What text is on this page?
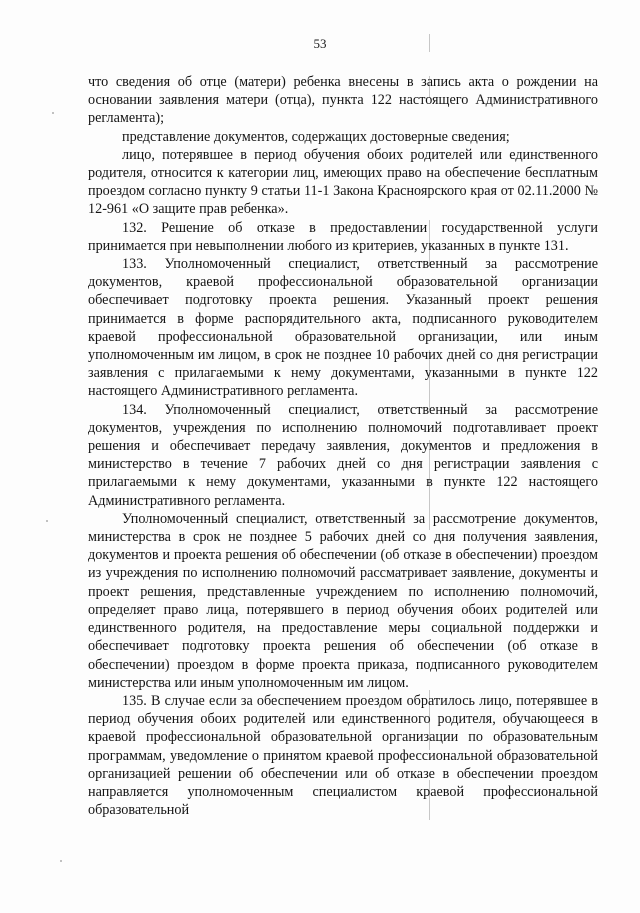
53

что сведения об отце (матери) ребенка внесены в запись акта о рождении на основании заявления матери (отца), пункта 122 настоящего Административного регламента);

представление документов, содержащих достоверные сведения;

лицо, потерявшее в период обучения обоих родителей или единственного родителя, относится к категории лиц, имеющих право на обеспечение бесплатным проездом согласно пункту 9 статьи 11-1 Закона Красноярского края от 02.11.2000 № 12-961 «О защите прав ребенка».

132. Решение об отказе в предоставлении государственной услуги принимается при невыполнении любого из критериев, указанных в пункте 131.

133. Уполномоченный специалист, ответственный за рассмотрение документов, краевой профессиональной образовательной организации обеспечивает подготовку проекта решения. Указанный проект решения принимается в форме распорядительного акта, подписанного руководителем краевой профессиональной образовательной организации, или иным уполномоченным им лицом, в срок не позднее 10 рабочих дней со дня регистрации заявления с прилагаемыми к нему документами, указанными в пункте 122 настоящего Административного регламента.

134. Уполномоченный специалист, ответственный за рассмотрение документов, учреждения по исполнению полномочий подготавливает проект решения и обеспечивает передачу заявления, документов и предложения в министерство в течение 7 рабочих дней со дня регистрации заявления с прилагаемыми к нему документами, указанными в пункте 122 настоящего Административного регламента.

Уполномоченный специалист, ответственный за рассмотрение документов, министерства в срок не позднее 5 рабочих дней со дня получения заявления, документов и проекта решения об обеспечении (об отказе в обеспечении) проездом из учреждения по исполнению полномочий рассматривает заявление, документы и проект решения, представленные учреждением по исполнению полномочий, определяет право лица, потерявшего в период обучения обоих родителей или единственного родителя, на предоставление меры социальной поддержки и обеспечивает подготовку проекта решения об обеспечении (об отказе в обеспечении) проездом в форме проекта приказа, подписанного руководителем министерства или иным уполномоченным им лицом.

135. В случае если за обеспечением проездом обратилось лицо, потерявшее в период обучения обоих родителей или единственного родителя, обучающееся в краевой профессиональной образовательной организации по образовательным программам, уведомление о принятом краевой профессиональной образовательной организацией решении об обеспечении или об отказе в обеспечении проездом направляется уполномоченным специалистом краевой профессиональной образовательной
